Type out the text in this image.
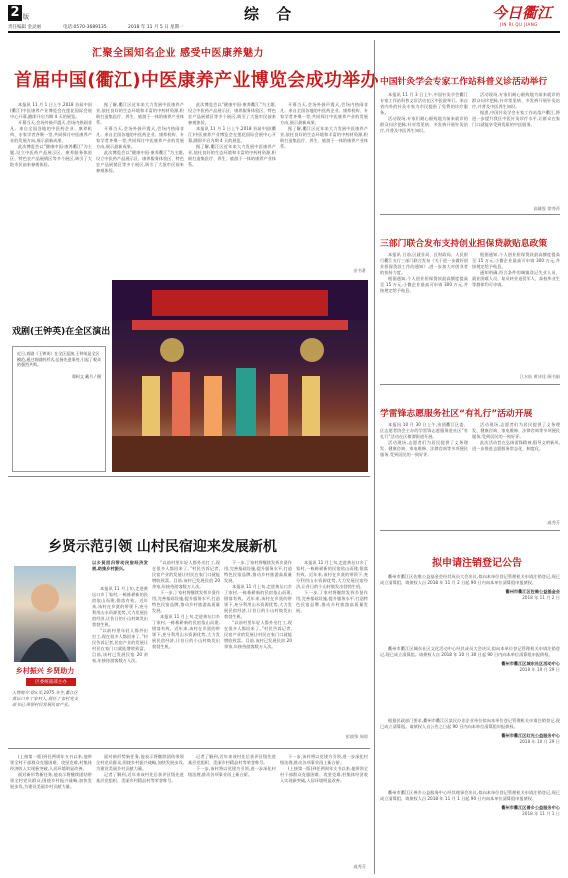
2 版	综 合	今日衢江
JIN RI QU JIANG
责任编辑 金灵丽	电话:0570-3689135	2018 年 11 月 5 日 星期一
汇聚全国知名企业 感受中医康养魅力
首届中国(衢江)中医康养产业博览会成功举办

本报讯 11 月 1 日上午,2018 首届中国(衢江)中医康养产业博览会在莲花国际会展中心开幕,随即开启为期 4 天的展览。

开幕当天,会场外鼓声震天,会场内热闹非凡。来自全国各地的中医药企业、康养机构、专家学者齐聚一堂,共同探讨中医康养产业的发展方向,展示最新成果。

此次博览会以“健康中国·康养衢江”为主题,设立中医药产品展示区、康养服务体验区、特色农产品展销区等多个展区,吸引了大批市民前来参观体验。

据了解,衢江区近年来大力发展中医康养产业,依托良好的生态环境和丰富的中药材资源,积极打造集医疗、养生、旅游于一体的康养产业体系。

开幕当天,会场外鼓声震天,会场内热闹非凡。来自全国各地的中医药企业、康养机构、专家学者齐聚一堂,共同探讨中医康养产业的发展方向,展示最新成果。

此次博览会以“健康中国·康养衢江”为主题,设立中医药产品展示区、康养服务体验区、特色农产品展销区等多个展区,吸引了大批市民前来参观体验。

此次博览会以“健康中国·康养衢江”为主题,设立中医药产品展示区、康养服务体验区、特色农产品展销区等多个展区,吸引了大批市民前来参观体验。

本报讯 11 月 1 日上午,2018 首届中国(衢江)中医康养产业博览会在莲花国际会展中心开幕,随即开启为期 4 天的展览。

据了解,衢江区近年来大力发展中医康养产业,依托良好的生态环境和丰富的中药材资源,积极打造集医疗、养生、旅游于一体的康养产业体系。

开幕当天,会场外鼓声震天,会场内热闹非凡。来自全国各地的中医药企业、康养机构、专家学者齐聚一堂,共同探讨中医康养产业的发展方向,展示最新成果。

据了解,衢江区近年来大力发展中医康养产业,依托良好的生态环境和丰富的中药材资源,积极打造集医疗、养生、旅游于一体的康养产业体系。

田书著
戏剧(王钟英)在全区演出
近日,戏剧《王钟英》在全区巡演,王钟英是全区模范,通过戏剧的形式,弘扬先进事迹,引起了观众的强烈共鸣。
郑柯文 戴月 / 摄
乡贤示范引领 山村民宿迎来发展新机
乡村振兴 乡贤助力
区委统战部主办
人物简介:徐×军,1975 年生,衢江区黄坛口乡丁家村人,现任丁家村党支部书记,带领村民发展民宿产业。
以乡贤回归带动民宿经济发展,助推乡村振兴。

本报讯 11 月上旬,走进黄坛口乡丁家村,一栋栋崭新的民宿依山而建,错落有致。近年来,该村在乡贤的带领下,充分利用山水资源优势,大力发展民宿经济,让昔日的小山村焕发出勃勃生机。

“以前村里年轻人都外出打工,现在很多人都回来了。”村民告诉记者,民宿产业的发展让村民在家门口就能增收致富。目前,该村已发展民宿 20 余家,年接待游客数万人次。

“以前村里年轻人都外出打工,现在很多人都回来了。”村民告诉记者,民宿产业的发展让村民在家门口就能增收致富。目前,该村已发展民宿 20 余家,年接待游客数万人次。

下一步,丁家村将继续发挥乡贤作用,完善基础设施,提升服务水平,打造特色民宿品牌,推动乡村旅游高质量发展。

本报讯 11 月上旬,走进黄坛口乡丁家村,一栋栋崭新的民宿依山而建,错落有致。近年来,该村在乡贤的带领下,充分利用山水资源优势,大力发展民宿经济,让昔日的小山村焕发出勃勃生机。

下一步,丁家村将继续发挥乡贤作用,完善基础设施,提升服务水平,打造特色民宿品牌,推动乡村旅游高质量发展。

本报讯 11 月上旬,走进黄坛口乡丁家村,一栋栋崭新的民宿依山而建,错落有致。近年来,该村在乡贤的带领下,充分利用山水资源优势,大力发展民宿经济,让昔日的小山村焕发出勃勃生机。

“以前村里年轻人都外出打工,现在很多人都回来了。”村民告诉记者,民宿产业的发展让村民在家门口就能增收致富。目前,该村已发展民宿 20 余家,年接待游客数万人次。

本报讯 11 月上旬,走进黄坛口乡丁家村,一栋栋崭新的民宿依山而建,错落有致。近年来,该村在乡贤的带领下,充分利用山水资源优势,大力发展民宿经济,让昔日的小山村焕发出勃勃生机。

下一步,丁家村将继续发挥乡贤作用,完善基础设施,提升服务水平,打造特色民宿品牌,推动乡村旅游高质量发展。

彭波锋 周琼

(上接第一版)到任两周年支书以来,他带领全村干部群众克服困难、攻坚克难,村集体经济收入实现新突破,人居环境明显改善。

面对新形势新任务,他表示将继续团结带领全村党员群众,围绕乡村振兴战略,加快发展步伐,为建设美丽乡村贡献力量。

面对新形势新任务,他表示将继续团结带领全村党员群众,围绕乡村振兴战略,加快发展步伐,为建设美丽乡村贡献力量。

记者了解到,近年来该村先后获评区级先进基层党组织、美丽乡村精品村等荣誉称号。

记者了解到,近年来该村先后获评区级先进基层党组织、美丽乡村精品村等荣誉称号。

下一步,该村将以党建为引领,进一步深化村级治理,推动各项事业再上新台阶。

下一步,该村将以党建为引领,进一步深化村级治理,推动各项事业再上新台阶。

(上接第一版)到任两周年支书以来,他带领全村干部群众克服困难、攻坚克难,村集体经济收入实现新突破,人居环境明显改善。

戚秀芬
中国针灸学会专家工作站科普义诊活动举行

本报讯 11 月 3 日上午,中国针灸学会衢江专家工作站科普义诊活动在区中医院举行。来自省内外的针灸专家为市民提供了免费的诊疗服务。

活动现场,专家们耐心细致地为前来就诊的群众问诊把脉,针对常见病、多发病开展针灸治疗,并普及中医养生知识。

活动现场,专家们耐心细致地为前来就诊的群众问诊把脉,针对常见病、多发病开展针灸治疗,并普及中医养生知识。

据悉,中国针灸学会专家工作站落户衢江,将进一步提升我区中医针灸诊疗水平,让群众在家门口就能享受到优质的中医服务。

高雄锐 徐秀萍
三部门联合发布支持创业担保贷款贴息政策

本报讯 日前,区就业局、区财政局、人民银行衢江支行三部门联合发布《关于进一步做好创业担保贷款工作的通知》,进一步加大对创业者的扶持力度。

根据通知,个人创业担保贷款最高额度提高至 15 万元,小微企业最高可申请 300 万元,并按规定给予贴息。

根据通知,个人创业担保贷款最高额度提高至 15 万元,小微企业最高可申请 300 万元,并按规定给予贴息。

通知明确,符合条件的城镇登记失业人员、就业困难人员、复员转业退役军人、高校毕业生等群体均可申请。

江水仙 黄诗佳 顾书娟
学雷锋志愿服务社区“有礼行”活动开展

本报讯 10 月 30 日上午,由团衢江区委、区志愿者协会主办的学雷锋志愿服务进社区“有礼行”活动在区樟潭街道开展。

活动现场,志愿者们为居民提供了义务理发、健康咨询、家电维修、法律咨询等多项便民服务,受到居民的一致好评。

活动现场,志愿者们为居民提供了义务理发、健康咨询、家电维修、法律咨询等多项便民服务,受到居民的一致好评。

此次活动旨在弘扬雷锋精神,倡导文明新风,进一步推进志愿服务常态化、制度化。

戚秀芬
拟申请注销登记公告
衢州市衢江区佐维公益基金会经其成员大会决议,拟向本单位登记管理机关申请注销登记,现已成立清算组。请债权人自 2018 年 11 月 2 日起 90 日内向本单位清算组申报债权。
衢州市衢江区佐维公益基金会
2018 年 11 月 2 日
衢州市衢江区城东社区文化活动中心经其成员大会决议,拟向本单位登记管理机关申请注销登记,现已成立清算组。请债权人自 2018 年 10 月 30 日起 90 日内向本单位清算组申报债权。
衢州市衢江区城东社区活动中心
2018 年 10 月 29 日
根据民政部门要求,衢州市衢江区某民办非企业单位拟向本单位登记管理机关申请注销登记,现已成立清算组。请债权人自公告之日起 90 日内向本单位清算组申报债权。
衢州市衢江区红光公益服务中心
2018 年 10 月 29 日
衢州市衢江区善乡公益服务中心经其理事会决议,拟向本单位登记管理机关申请注销登记,现已成立清算组。请债权人自 2018 年 11 月 1 日起 90 日内向本单位清算组申报债权。
衢州市衢江区善乡公益服务中心
2018 年 11 月 1 日
